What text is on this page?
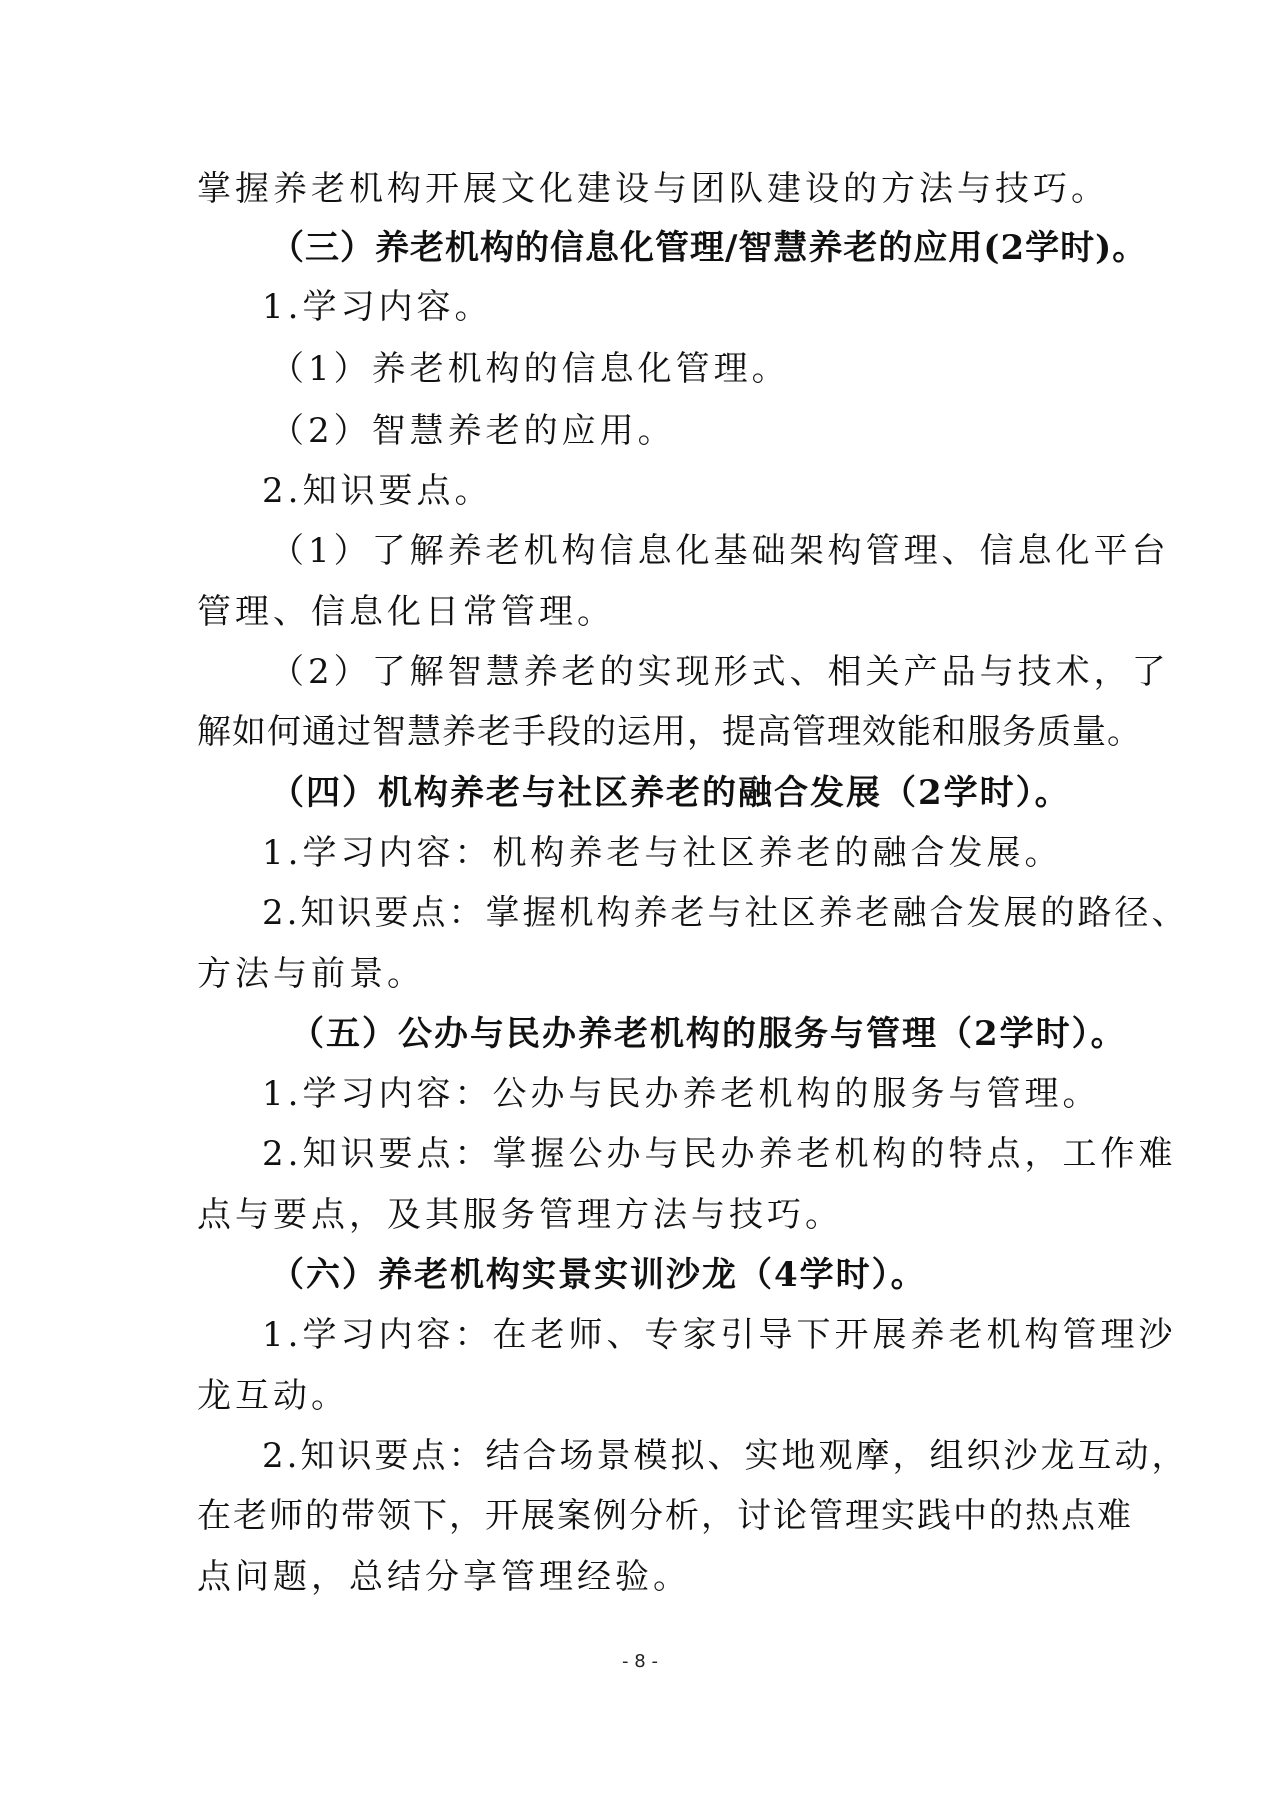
掌握养老机构开展文化建设与团队建设的方法与技巧。
（三）养老机构的信息化管理/智慧养老的应用(2学时)。
1.学习内容。
（1）养老机构的信息化管理。
（2）智慧养老的应用。
2.知识要点。
（1）了解养老机构信息化基础架构管理、信息化平台
管理、信息化日常管理。
（2）了解智慧养老的实现形式、相关产品与技术，了
解如何通过智慧养老手段的运用，提高管理效能和服务质量。
（四）机构养老与社区养老的融合发展（2学时）。
1.学习内容：机构养老与社区养老的融合发展。
2.知识要点：掌握机构养老与社区养老融合发展的路径、
方法与前景。
（五）公办与民办养老机构的服务与管理（2学时）。
1.学习内容：公办与民办养老机构的服务与管理。
2.知识要点：掌握公办与民办养老机构的特点，工作难
点与要点，及其服务管理方法与技巧。
（六）养老机构实景实训沙龙（4学时）。
1.学习内容：在老师、专家引导下开展养老机构管理沙
龙互动。
2.知识要点：结合场景模拟、实地观摩，组织沙龙互动，
在老师的带领下，开展案例分析，讨论管理实践中的热点难
点问题，总结分享管理经验。
- 8 -
